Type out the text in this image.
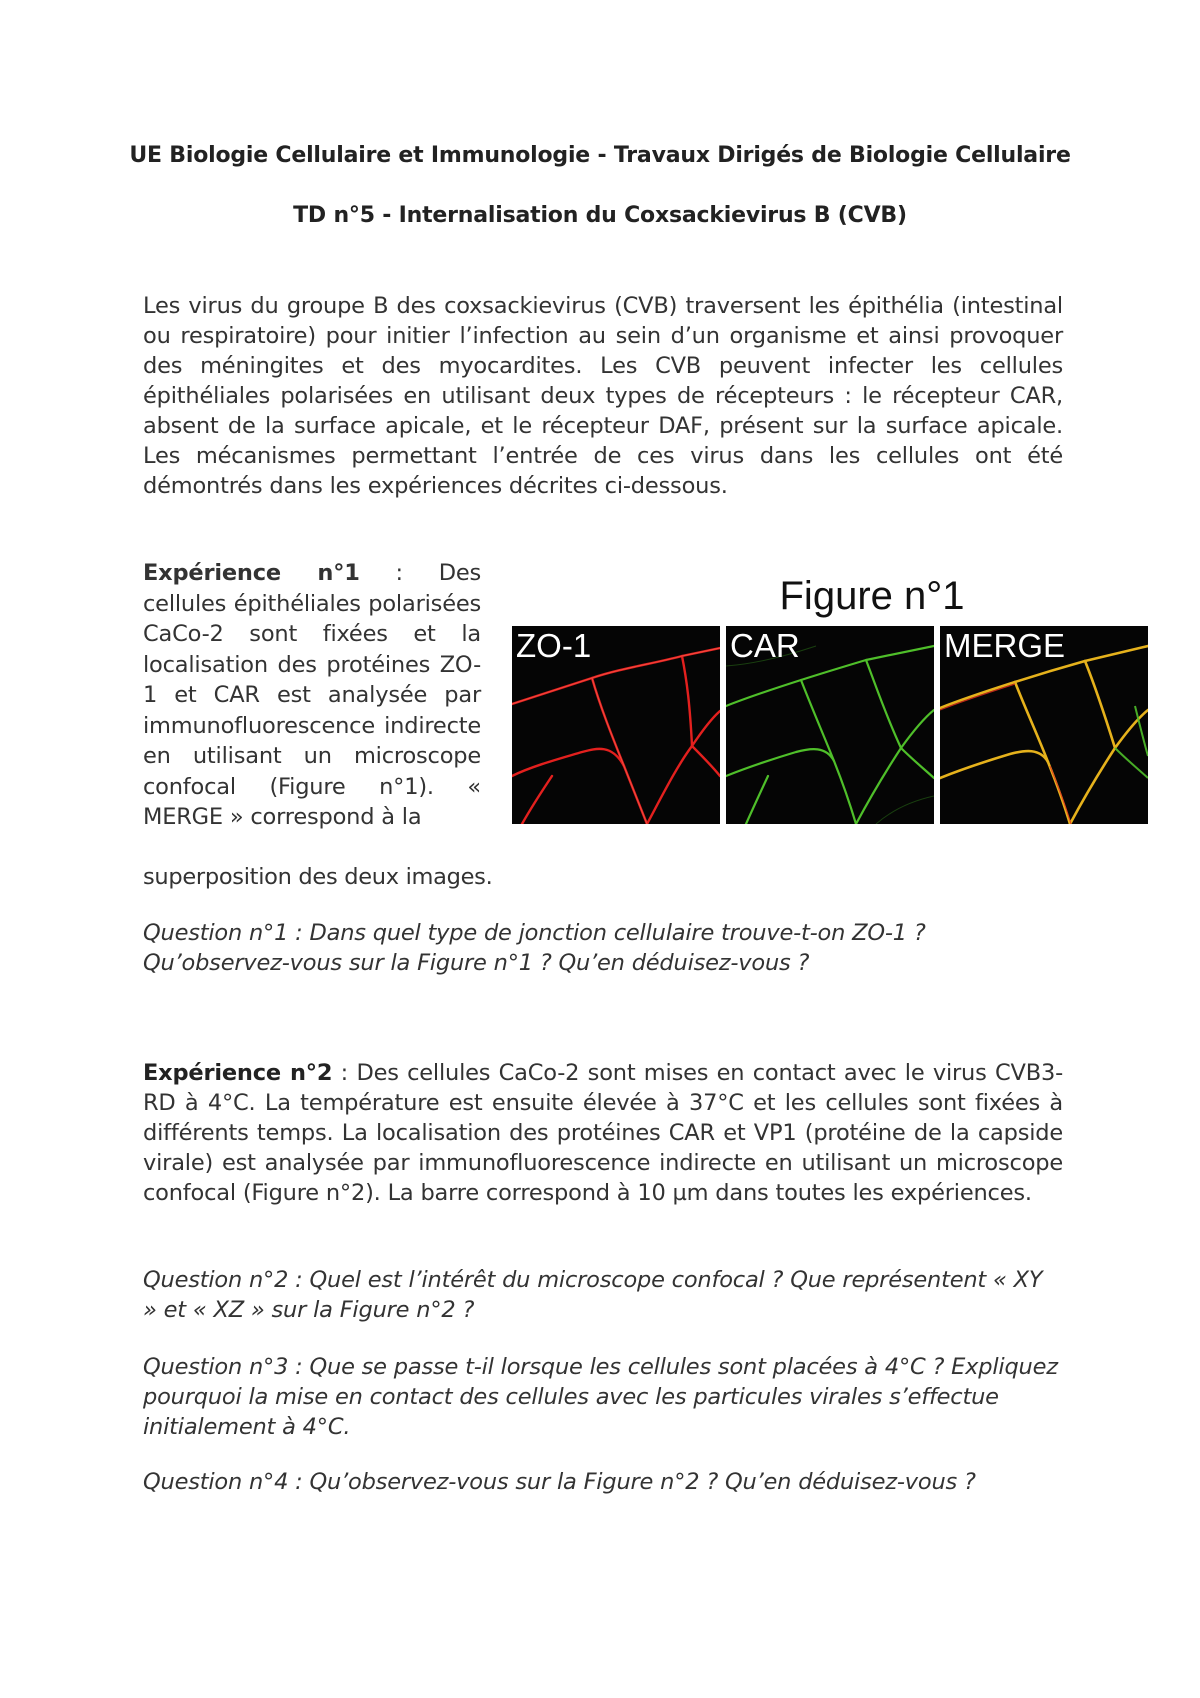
UE Biologie Cellulaire et Immunologie - Travaux Dirigés de Biologie Cellulaire
TD n°5 - Internalisation du Coxsackievirus B (CVB)
Les virus du groupe B des coxsackievirus (CVB) traversent les épithélia (intestinal ou respiratoire) pour initier l’infection au sein d’un organisme et ainsi provoquer des méningites et des myocardites. Les CVB peuvent infecter les cellules épithéliales polarisées en utilisant deux types de récepteurs : le récepteur CAR, absent de la surface apicale, et le récepteur DAF, présent sur la surface apicale. Les mécanismes permettant l’entrée de ces virus dans les cellules ont été démontrés dans les expériences décrites ci-dessous.
Expérience n°1 : Des cellules épithéliales polarisées CaCo-2 sont fixées et la localisation des protéines ZO-1 et CAR est analysée par immunofluorescence indirecte en utilisant un microscope confocal (Figure n°1). « MERGE » correspond à la
superposition des deux images.
Figure n°1
ZO-1	CAR	MERGE
Question n°1 : Dans quel type de jonction cellulaire trouve-t-on ZO-1 ? Qu’observez-vous sur la Figure n°1 ? Qu’en déduisez-vous ?
Expérience n°2 : Des cellules CaCo-2 sont mises en contact avec le virus CVB3-RD à 4°C. La température est ensuite élevée à 37°C et les cellules sont fixées à différents temps. La localisation des protéines CAR et VP1 (protéine de la capside virale) est analysée par immunofluorescence indirecte en utilisant un microscope confocal (Figure n°2). La barre correspond à 10 µm dans toutes les expériences.
Question n°2 : Quel est l’intérêt du microscope confocal ? Que représentent « XY » et « XZ » sur la Figure n°2 ?
Question n°3 : Que se passe t-il lorsque les cellules sont placées à 4°C ? Expliquez pourquoi la mise en contact des cellules avec les particules virales s’effectue initialement à 4°C.
Question n°4 : Qu’observez-vous sur la Figure n°2 ? Qu’en déduisez-vous ?
